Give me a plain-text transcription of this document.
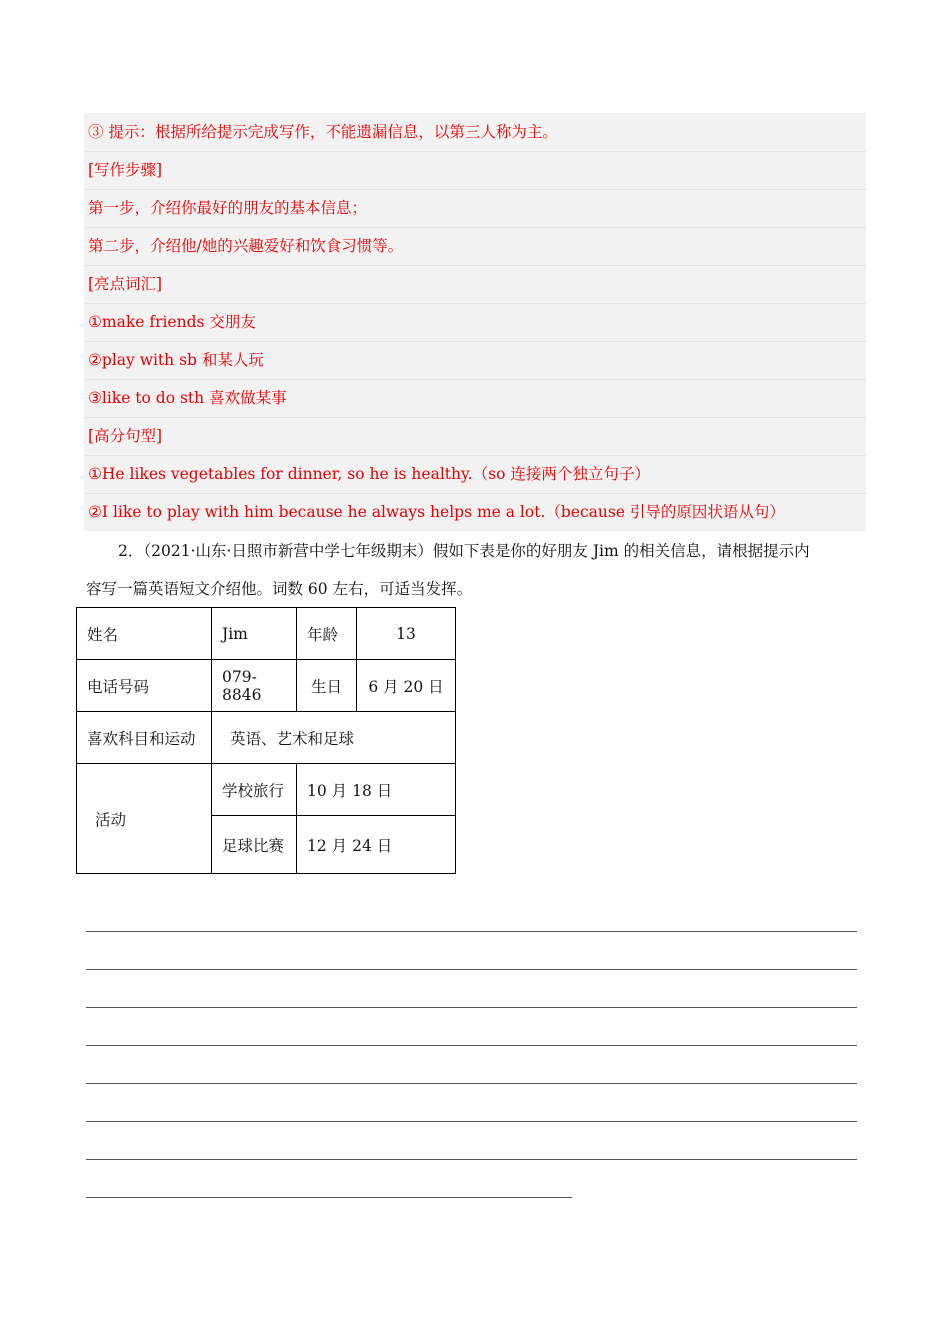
③ 提示：根据所给提示完成写作，不能遗漏信息，以第三人称为主。
[写作步骤]
第一步，介绍你最好的朋友的基本信息；
第二步，介绍他/她的兴趣爱好和饮食习惯等。
[亮点词汇]
①make friends 交朋友
②play with sb 和某人玩
③like to do sth 喜欢做某事
[高分句型]
①He likes vegetables for dinner, so he is healthy.（so 连接两个独立句子）
②I like to play with him because he always helps me a lot.（because 引导的原因状语从句）
2．（2021·山东·日照市新营中学七年级期末）假如下表是你的好朋友 Jim 的相关信息，请根据提示内
容写一篇英语短文介绍他。词数 60 左右，可适当发挥。
姓名	Jim	年龄	13
电话号码	079-8846	生日	6 月 20 日
喜欢科目和运动	英语、艺术和足球		
活动	学校旅行	10 月 18 日	
	足球比赛	12 月 24 日	
